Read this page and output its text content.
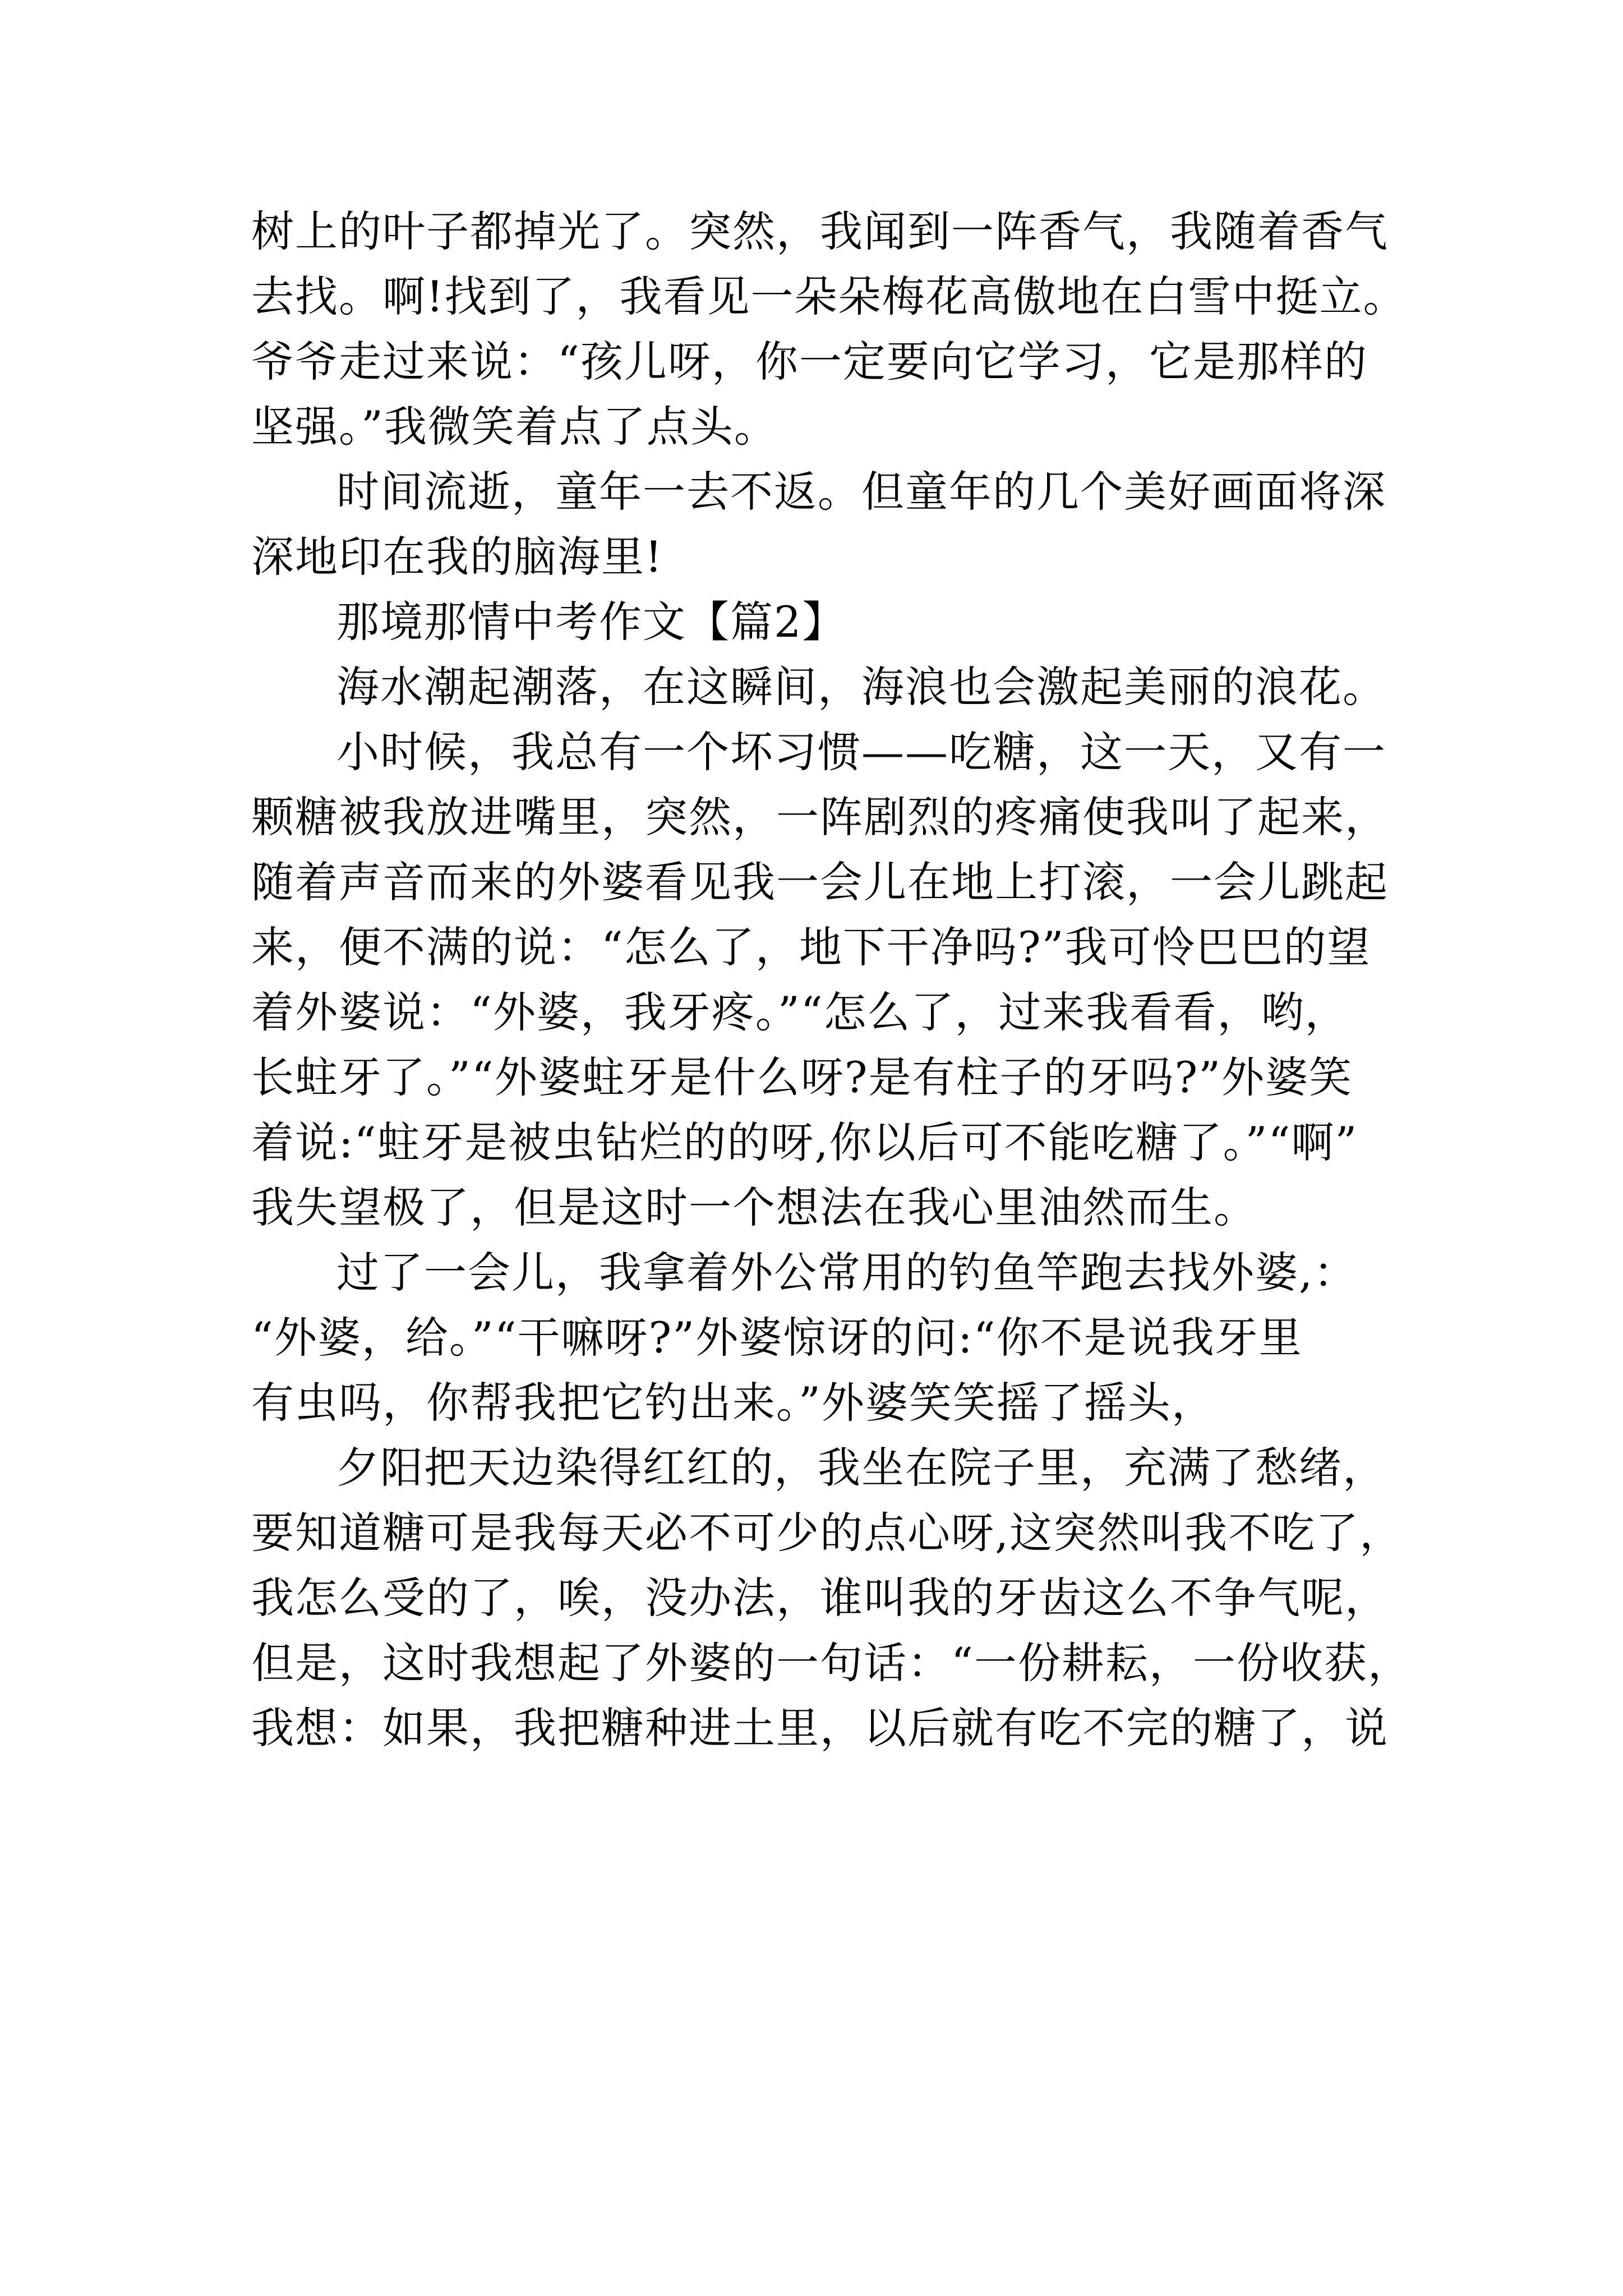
树上的叶子都掉光了。突然，我闻到一阵香气，我随着香气
去找。啊!找到了，我看见一朵朵梅花高傲地在白雪中挺立。
爷爷走过来说：“孩儿呀，你一定要向它学习，它是那样的
坚强。”我微笑着点了点头。
时间流逝，童年一去不返。但童年的几个美好画面将深
深地印在我的脑海里!
那境那情中考作文【篇2】
海水潮起潮落，在这瞬间，海浪也会激起美丽的浪花。
小时候，我总有一个坏习惯——吃糖，这一天，又有一
颗糖被我放进嘴里，突然，一阵剧烈的疼痛使我叫了起来，
随着声音而来的外婆看见我一会儿在地上打滚，一会儿跳起
来，便不满的说：“怎么了，地下干净吗?”我可怜巴巴的望
着外婆说：“外婆，我牙疼。”“怎么了，过来我看看，哟，
长蛀牙了。”“外婆蛀牙是什么呀?是有柱子的牙吗?”外婆笑
着说:“蛀牙是被虫钻烂的的呀,你以后可不能吃糖了。”“啊”
我失望极了，但是这时一个想法在我心里油然而生。
过了一会儿，我拿着外公常用的钓鱼竿跑去找外婆,：
“外婆，给。”“干嘛呀?”外婆惊讶的问:“你不是说我牙里
有虫吗，你帮我把它钓出来。”外婆笑笑摇了摇头，
夕阳把天边染得红红的，我坐在院子里，充满了愁绪，
要知道糖可是我每天必不可少的点心呀,这突然叫我不吃了，
我怎么受的了，唉，没办法，谁叫我的牙齿这么不争气呢，
但是，这时我想起了外婆的一句话：“一份耕耘，一份收获，
我想：如果，我把糖种进土里，以后就有吃不完的糖了，说
